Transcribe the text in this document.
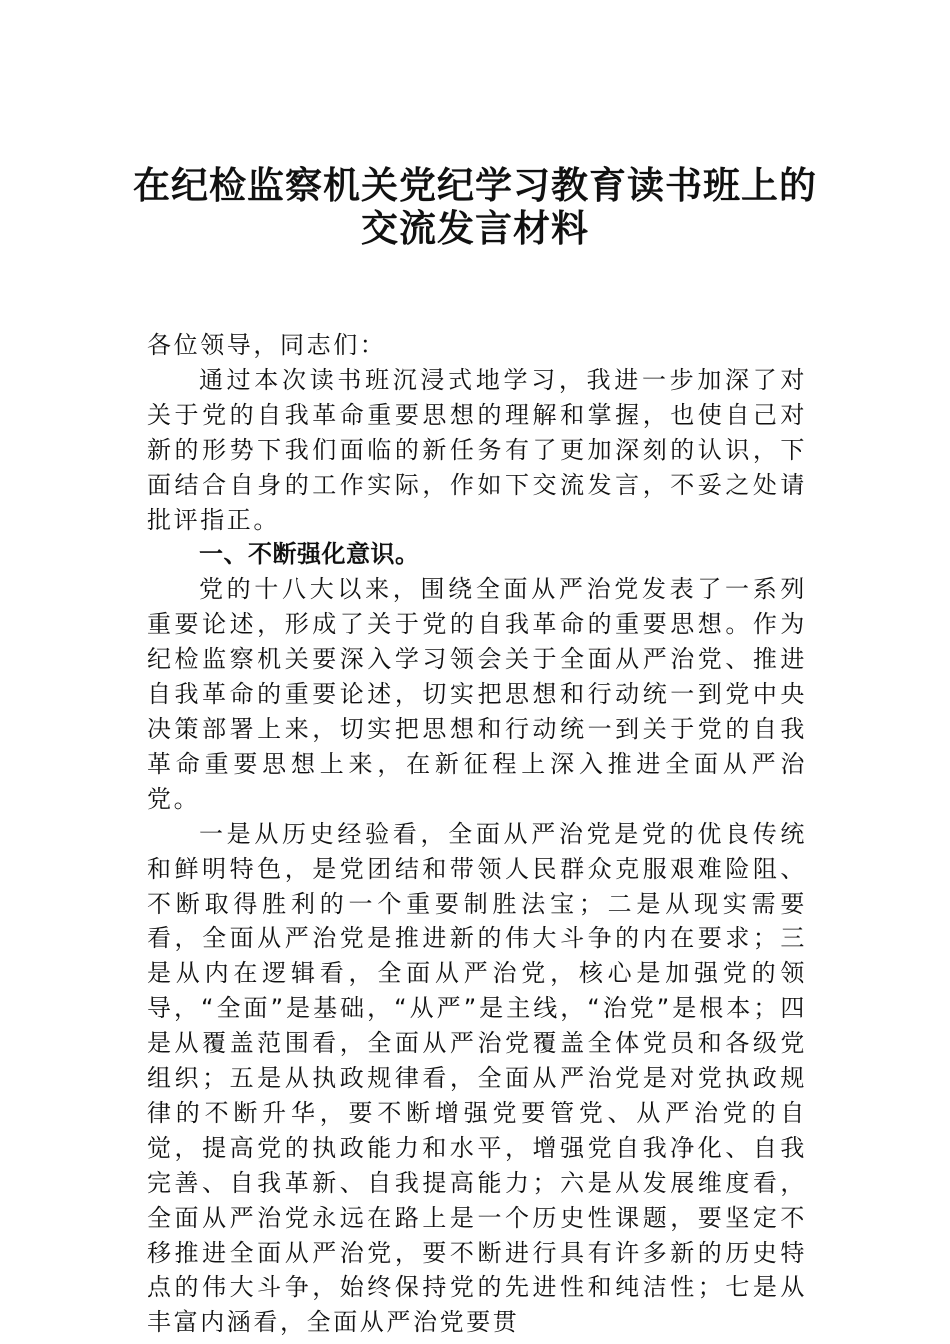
在纪检监察机关党纪学习教育读书班上的
交流发言材料

各位领导，同志们：

通过本次读书班沉浸式地学习，我进一步加深了对关于党的自我革命重要思想的理解和掌握，也使自己对新的形势下我们面临的新任务有了更加深刻的认识，下面结合自身的工作实际，作如下交流发言，不妥之处请批评指正。

一、不断强化意识。

党的十八大以来，围绕全面从严治党发表了一系列重要论述，形成了关于党的自我革命的重要思想。作为纪检监察机关要深入学习领会关于全面从严治党、推进自我革命的重要论述，切实把思想和行动统一到党中央决策部署上来，切实把思想和行动统一到关于党的自我革命重要思想上来，在新征程上深入推进全面从严治党。

一是从历史经验看，全面从严治党是党的优良传统和鲜明特色，是党团结和带领人民群众克服艰难险阻、不断取得胜利的一个重要制胜法宝；二是从现实需要看，全面从严治党是推进新的伟大斗争的内在要求；三是从内在逻辑看，全面从严治党，核心是加强党的领导，“全面”是基础，“从严”是主线，“治党”是根本；四是从覆盖范围看，全面从严治党覆盖全体党员和各级党组织；五是从执政规律看，全面从严治党是对党执政规律的不断升华，要不断增强党要管党、从严治党的自觉，提高党的执政能力和水平，增强党自我净化、自我完善、自我革新、自我提高能力；六是从发展维度看，全面从严治党永远在路上是一个历史性课题，要坚定不移推进全面从严治党，要不断进行具有许多新的历史特点的伟大斗争，始终保持党的先进性和纯洁性；七是从丰富内涵看，全面从严治党要贯
